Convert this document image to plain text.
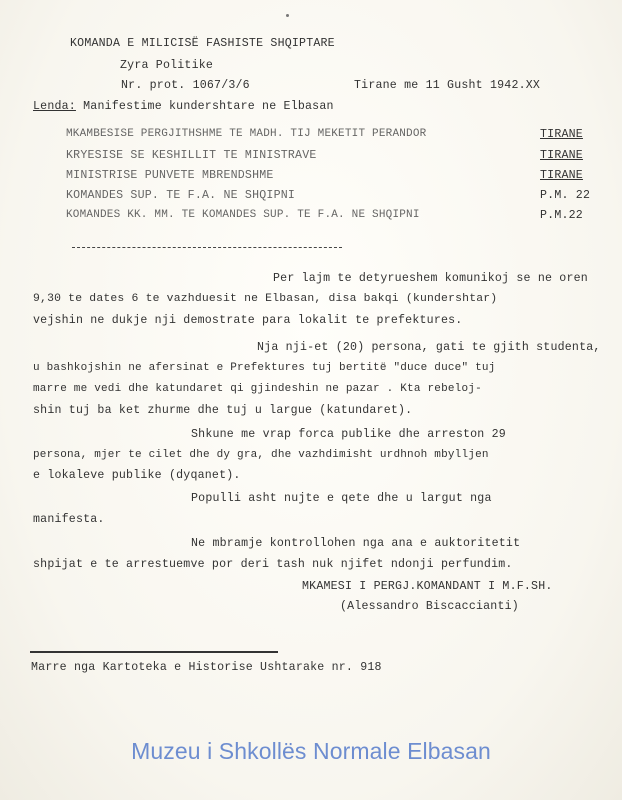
KOMANDA E MILICISË FASHISTE SHQIPTARE
Zyra Politike
Nr. prot. 1067/3/6	Tirane me 11 Gusht 1942.XX
Lenda: Manifestime kundershtare ne Elbasan
MKAMBESISE PERGJITHSHME TE MADH. TIJ MEKETIT PERANDOR	TIRANE
KRYESISE SE KESHILLIT TE MINISTRAVE	TIRANE
MINISTRISE PUNVETE MBRENDSHME	TIRANE
KOMANDES SUP. TE F.A. NE SHQIPNI	P.M. 22
KOMANDES KK. MM. TE KOMANDES SUP. TE F.A. NE SHQIPNI	P.M.22
Per lajm te detyrueshem komunikoj se ne oren
9,30 te dates 6 te vazhduesit ne Elbasan, disa bakqi (kundershtar)
vejshin ne dukje nji demostrate para lokalit te prefektures.
Nja nji-et (20) persona, gati te gjith studenta,
u bashkojshin ne afersinat e Prefektures tuj bertitë "duce duce" tuj
marre me vedi dhe katundaret qi gjindeshin ne pazar . Kta rebeloj-
shin tuj ba ket zhurme dhe tuj u largue (katundaret).
Shkune me vrap forca publike dhe arreston 29
persona, mjer te cilet dhe dy gra, dhe vazhdimisht urdhnoh mbylljen
e lokaleve publike (dyqanet).
Populli asht nujte e qete dhe u largut nga
manifesta.
Ne mbramje kontrollohen nga ana e auktoritetit
shpijat e te arrestuemve por deri tash nuk njifet ndonji perfundim.
MKAMESI I PERGJ.KOMANDANT I M.F.SH.
(Alessandro Biscaccianti)
Marre nga Kartoteka e Historise Ushtarake nr. 918
Muzeu i Shkollës Normale Elbasan
